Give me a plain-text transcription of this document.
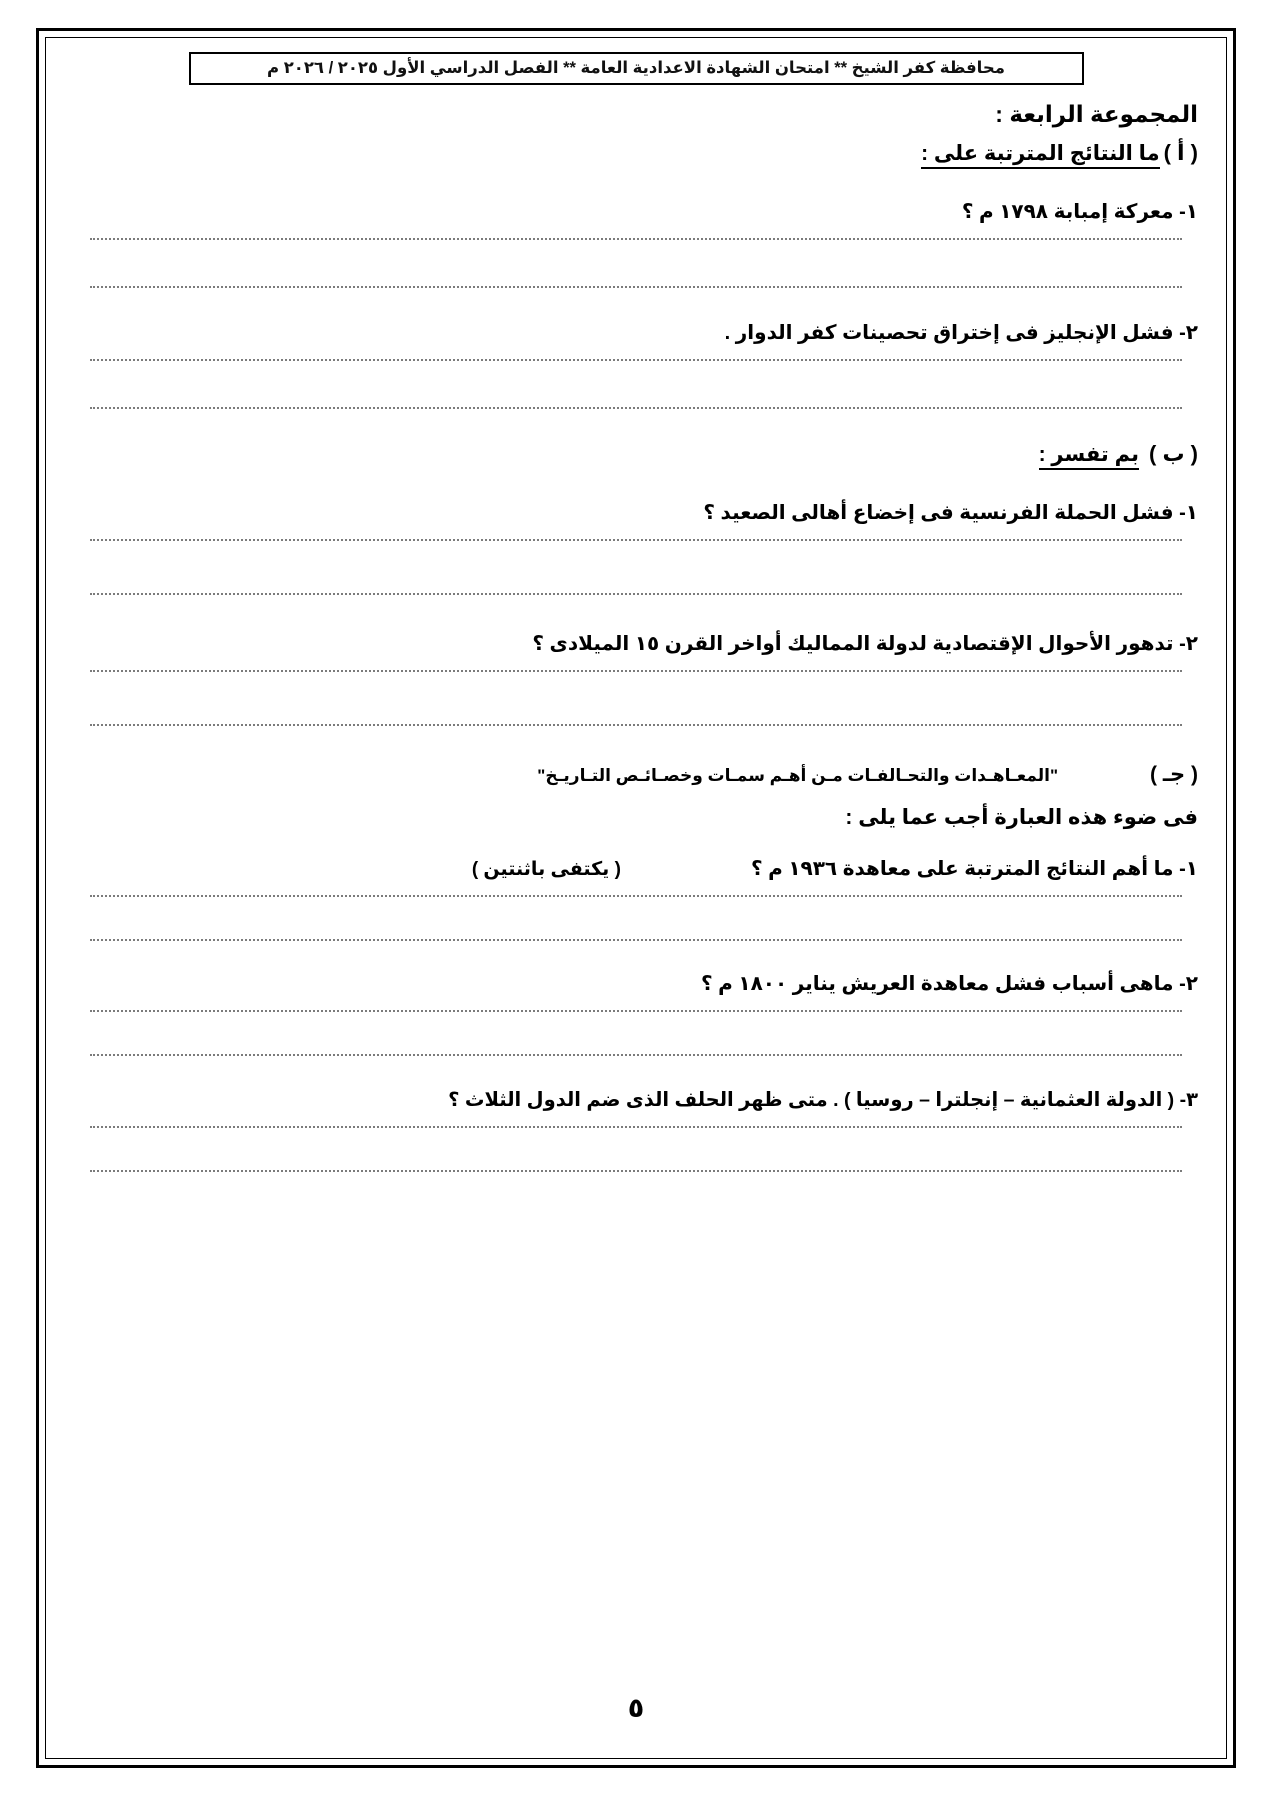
محافظة كفر الشيخ ** امتحان الشهادة الاعدادية العامة ** الفصل الدراسي الأول ٢٠٢٥ / ٢٠٢٦ م
المجموعة الرابعة :
( أ )
ما النتائج المترتبة على :
١- معركة إمبابة ١٧٩٨ م ؟
٢- فشل الإنجليز فى إختراق تحصينات كفر الدوار .
( ب )
بم تفسر :
١- فشل الحملة الفرنسية فى إخضاع أهالى الصعيد ؟
٢- تدهور الأحوال الإقتصادية لدولة المماليك أواخر القرن ١٥ الميلادى ؟
( جـ )
"المعـاهـدات والتحـالفـات مـن أهـم سمـات وخصـائـص التـاريـخ"
فى ضوء هذه العبارة أجب عما يلى :
١- ما أهم النتائج المترتبة على معاهدة ١٩٣٦ م ؟
( يكتفى باثنتين )
٢- ماهى أسباب فشل معاهدة العريش يناير ١٨٠٠ م ؟
٣- ( الدولة العثمانية – إنجلترا – روسيا ) . متى ظهر الحلف الذى ضم الدول الثلاث ؟
٥
